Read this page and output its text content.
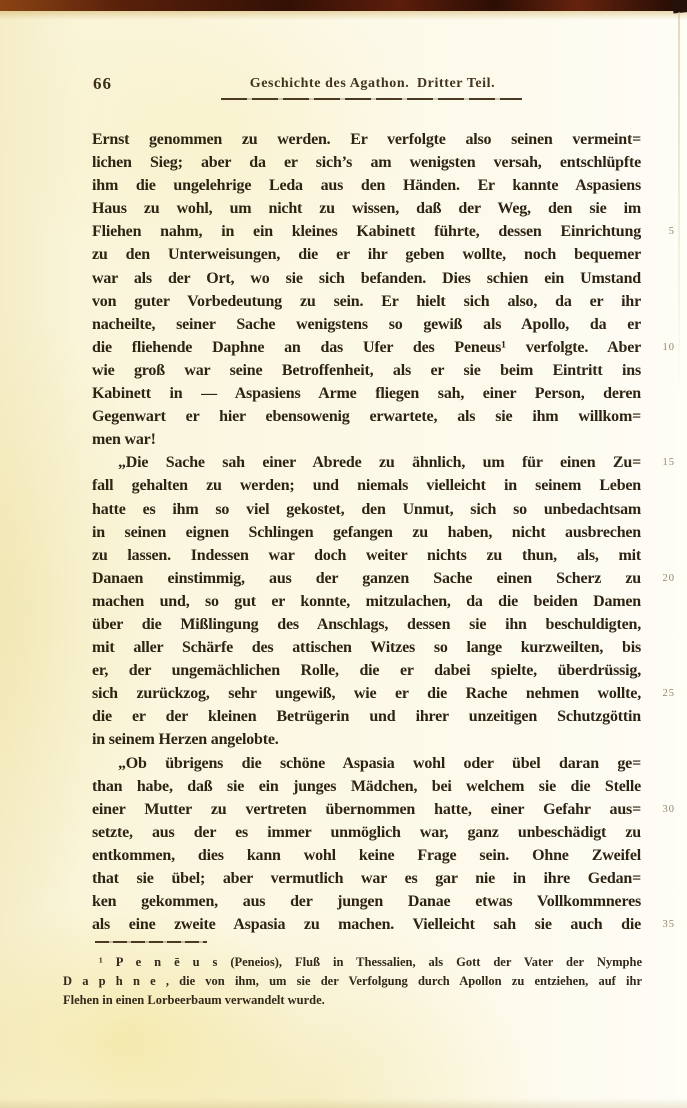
66	Geschichte des Agathon. Dritter Teil.
Ernst genommen zu werden. Er verfolgte also seinen vermeint=
lichen Sieg; aber da er sich’s am wenigsten versah, entschlüpfte
ihm die ungelehrige Leda aus den Händen. Er kannte Aspasiens
Haus zu wohl, um nicht zu wissen, daß der Weg, den sie im
Fliehen nahm, in ein kleines Kabinett führte, dessen Einrichtung	5
zu den Unterweisungen, die er ihr geben wollte, noch bequemer
war als der Ort, wo sie sich befanden. Dies schien ein Umstand
von guter Vorbedeutung zu sein. Er hielt sich also, da er ihr
nacheilte, seiner Sache wenigstens so gewiß als Apollo, da er
die fliehende Daphne an das Ufer des Peneus¹ verfolgte. Aber 10
wie groß war seine Betroffenheit, als er sie beim Eintritt ins
Kabinett in — Aspasiens Arme fliegen sah, einer Person, deren
Gegenwart er hier ebensowenig erwartete, als sie ihm willkom=
men war!
„Die Sache sah einer Abrede zu ähnlich, um für einen Zu= 15
fall gehalten zu werden; und niemals vielleicht in seinem Leben
hatte es ihm so viel gekostet, den Unmut, sich so unbedachtsam
in seinen eignen Schlingen gefangen zu haben, nicht ausbrechen
zu lassen. Indessen war doch weiter nichts zu thun, als, mit
Danaen einstimmig, aus der ganzen Sache einen Scherz zu 20
machen und, so gut er konnte, mitzulachen, da die beiden Damen
über die Mißlingung des Anschlags, dessen sie ihn beschuldigten,
mit aller Schärfe des attischen Witzes so lange kurzweilten, bis
er, der ungemächlichen Rolle, die er dabei spielte, überdrüssig,
sich zurückzog, sehr ungewiß, wie er die Rache nehmen wollte, 25
die er der kleinen Betrügerin und ihrer unzeitigen Schutzgöttin
in seinem Herzen angelobte.
„Ob übrigens die schöne Aspasia wohl oder übel daran ge=
than habe, daß sie ein junges Mädchen, bei welchem sie die Stelle
einer Mutter zu vertreten übernommen hatte, einer Gefahr aus= 30
setzte, aus der es immer unmöglich war, ganz unbeschädigt zu
entkommen, dies kann wohl keine Frage sein. Ohne Zweifel
that sie übel; aber vermutlich war es gar nie in ihre Gedan=
ken gekommen, aus der jungen Danae etwas Vollkommneres
als eine zweite Aspasia zu machen. Vielleicht sah sie auch die 35
¹ P e n ē u s (Peneios), Fluß in Thessalien, als Gott der Vater der Nymphe
D a p h n e , die von ihm, um sie der Verfolgung durch Apollon zu entziehen, auf ihr
Flehen in einen Lorbeerbaum verwandelt wurde.
